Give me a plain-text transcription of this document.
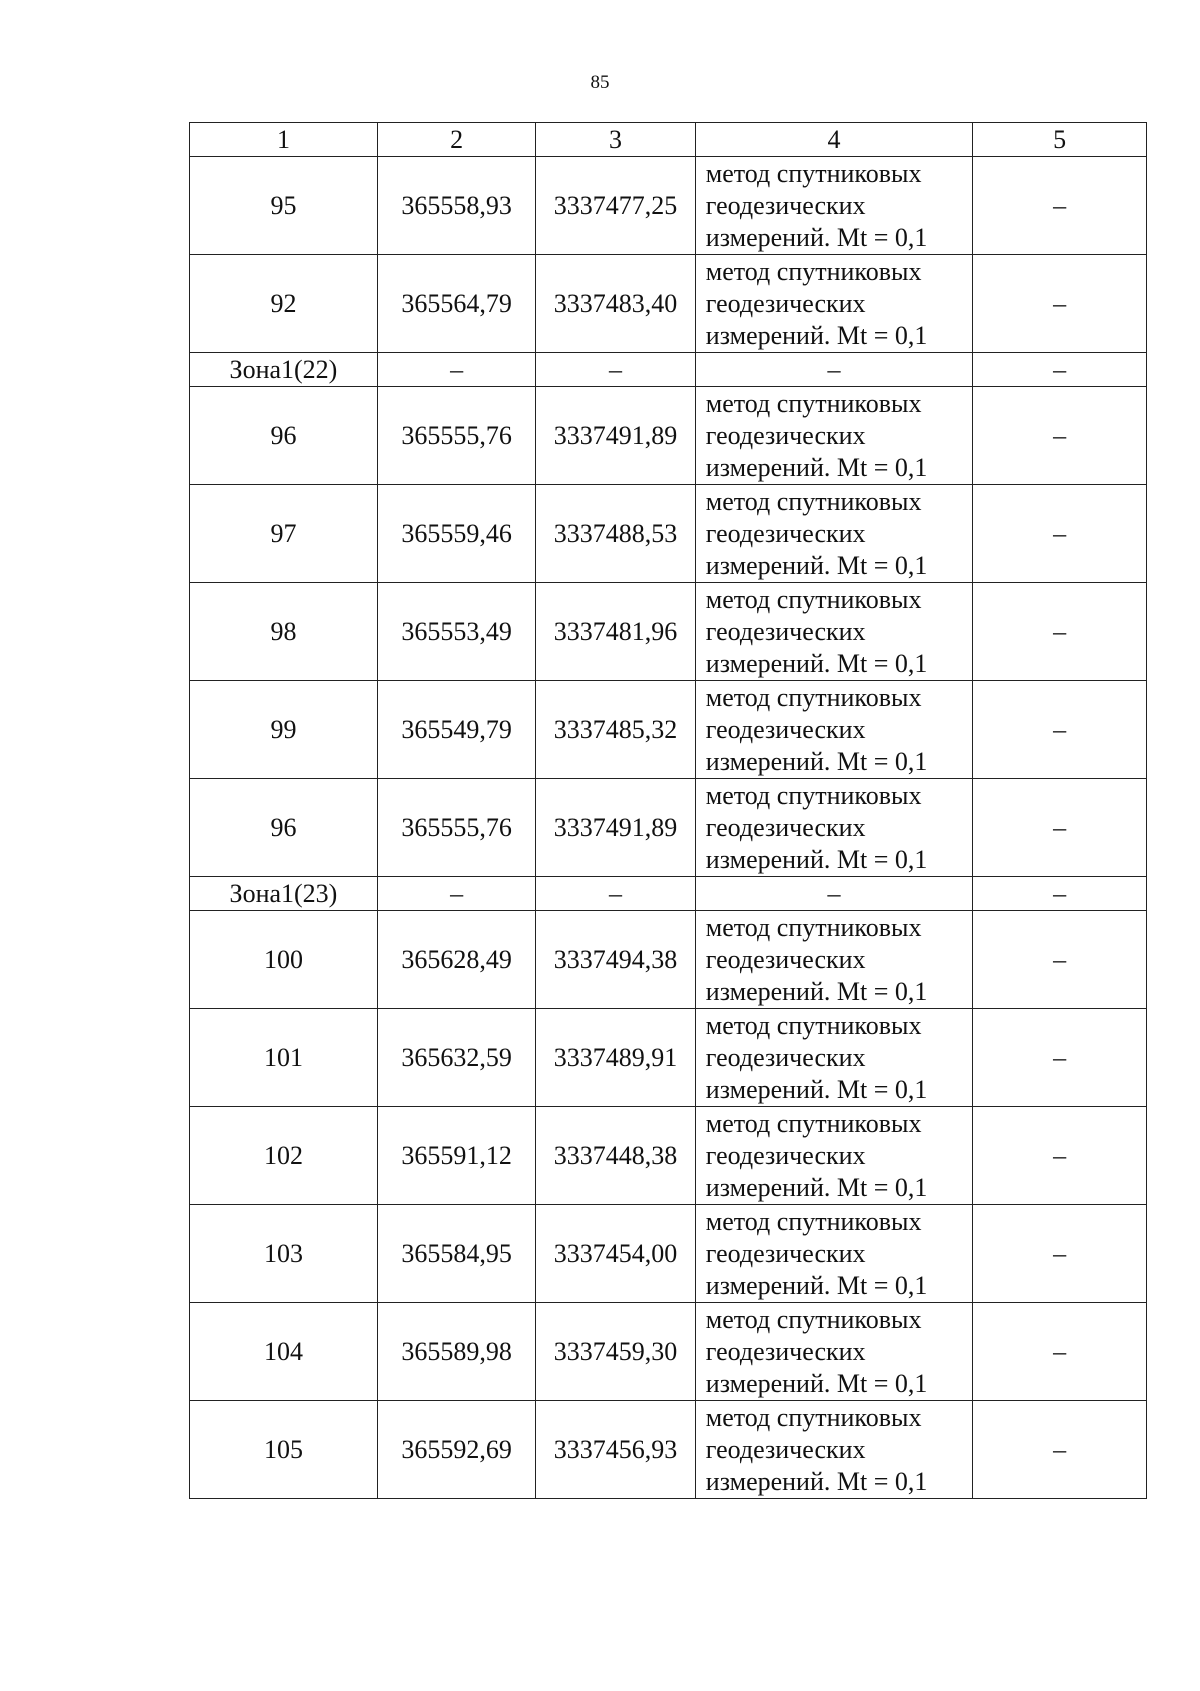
85
1	2	3	4	5
95	365558,93	3337477,25	метод спутниковых
геодезических
измерений. Mt = 0,1	–
92	365564,79	3337483,40	метод спутниковых
геодезических
измерений. Mt = 0,1	–
Зона1(22)	–	–	–	–
96	365555,76	3337491,89	метод спутниковых
геодезических
измерений. Mt = 0,1	–
97	365559,46	3337488,53	метод спутниковых
геодезических
измерений. Mt = 0,1	–
98	365553,49	3337481,96	метод спутниковых
геодезических
измерений. Mt = 0,1	–
99	365549,79	3337485,32	метод спутниковых
геодезических
измерений. Mt = 0,1	–
96	365555,76	3337491,89	метод спутниковых
геодезических
измерений. Mt = 0,1	–
Зона1(23)	–	–	–	–
100	365628,49	3337494,38	метод спутниковых
геодезических
измерений. Mt = 0,1	–
101	365632,59	3337489,91	метод спутниковых
геодезических
измерений. Mt = 0,1	–
102	365591,12	3337448,38	метод спутниковых
геодезических
измерений. Mt = 0,1	–
103	365584,95	3337454,00	метод спутниковых
геодезических
измерений. Mt = 0,1	–
104	365589,98	3337459,30	метод спутниковых
геодезических
измерений. Mt = 0,1	–
105	365592,69	3337456,93	метод спутниковых
геодезических
измерений. Mt = 0,1	–
